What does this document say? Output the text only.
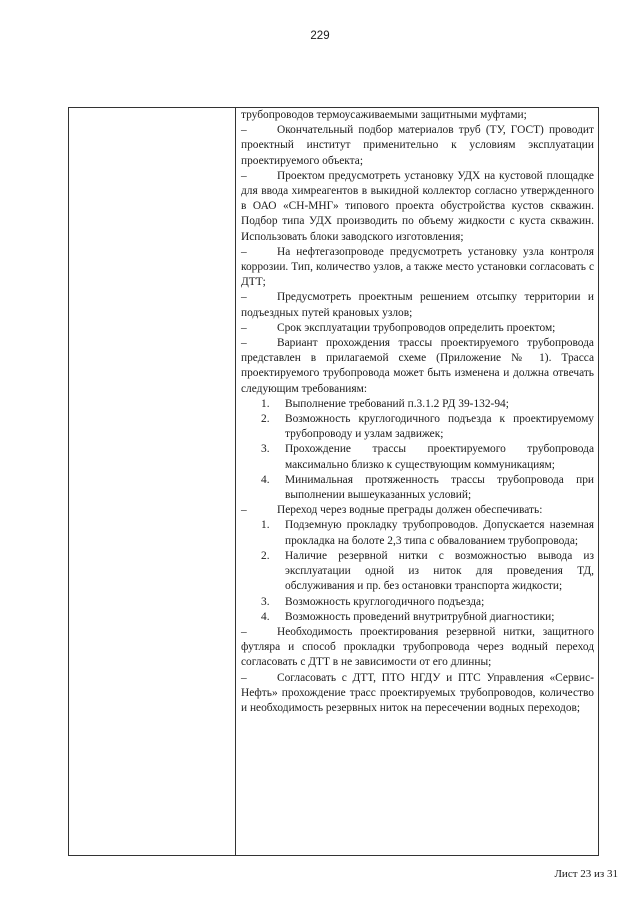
229

трубопроводов термоусаживаемыми защитными муфтами;

–	Окончательный подбор материалов труб (ТУ, ГОСТ) проводит проектный институт применительно к условиям эксплуатации проектируемого объекта;

–	Проектом предусмотреть установку УДХ на кустовой площадке для ввода химреагентов в выкидной коллектор согласно утвержденного в ОАО «СН-МНГ» типового проекта обустройства кустов скважин. Подбор типа УДХ производить по объему жидкости с куста скважин. Использовать блоки заводского изготовления;

–	На нефтегазопроводе предусмотреть установку узла контроля коррозии. Тип, количество узлов, а также место установки согласовать с ДТТ;

–	Предусмотреть проектным решением отсыпку территории и подъездных путей крановых узлов;

–	Срок эксплуатации трубопроводов определить проектом;

–	Вариант прохождения трассы проектируемого трубопровода представлен в прилагаемой схеме (Приложение № 1). Трасса проектируемого трубопровода может быть изменена и должна отвечать следующим требованиям:

1. Выполнение требований п.3.1.2 РД 39-132-94;
2. Возможность круглогодичного подъезда к проектируемому трубопроводу и узлам задвижек;
3. Прохождение трассы проектируемого трубопровода максимально близко к существующим коммуникациям;
4. Минимальная протяженность трассы трубопровода при выполнении вышеуказанных условий;

–	Переход через водные преграды должен обеспечивать:

1. Подземную прокладку трубопроводов. Допускается наземная прокладка на болоте 2,3 типа с обвалованием трубопровода;
2. Наличие резервной нитки с возможностью вывода из эксплуатации одной из ниток для проведения ТД, обслуживания и пр. без остановки транспорта жидкости;
3. Возможность круглогодичного подъезда;
4. Возможность проведений внутритрубной диагностики;

–	Необходимость проектирования резервной нитки, защитного футляра и способ прокладки трубопровода через водный переход согласовать с ДТТ в не зависимости от его длинны;

–	Согласовать с ДТТ, ПТО НГДУ и ПТС Управления «Сервис-Нефть» прохождение трасс проектируемых трубопроводов, количество и необходимость резервных ниток на пересечении водных переходов;

Лист 23 из 31
